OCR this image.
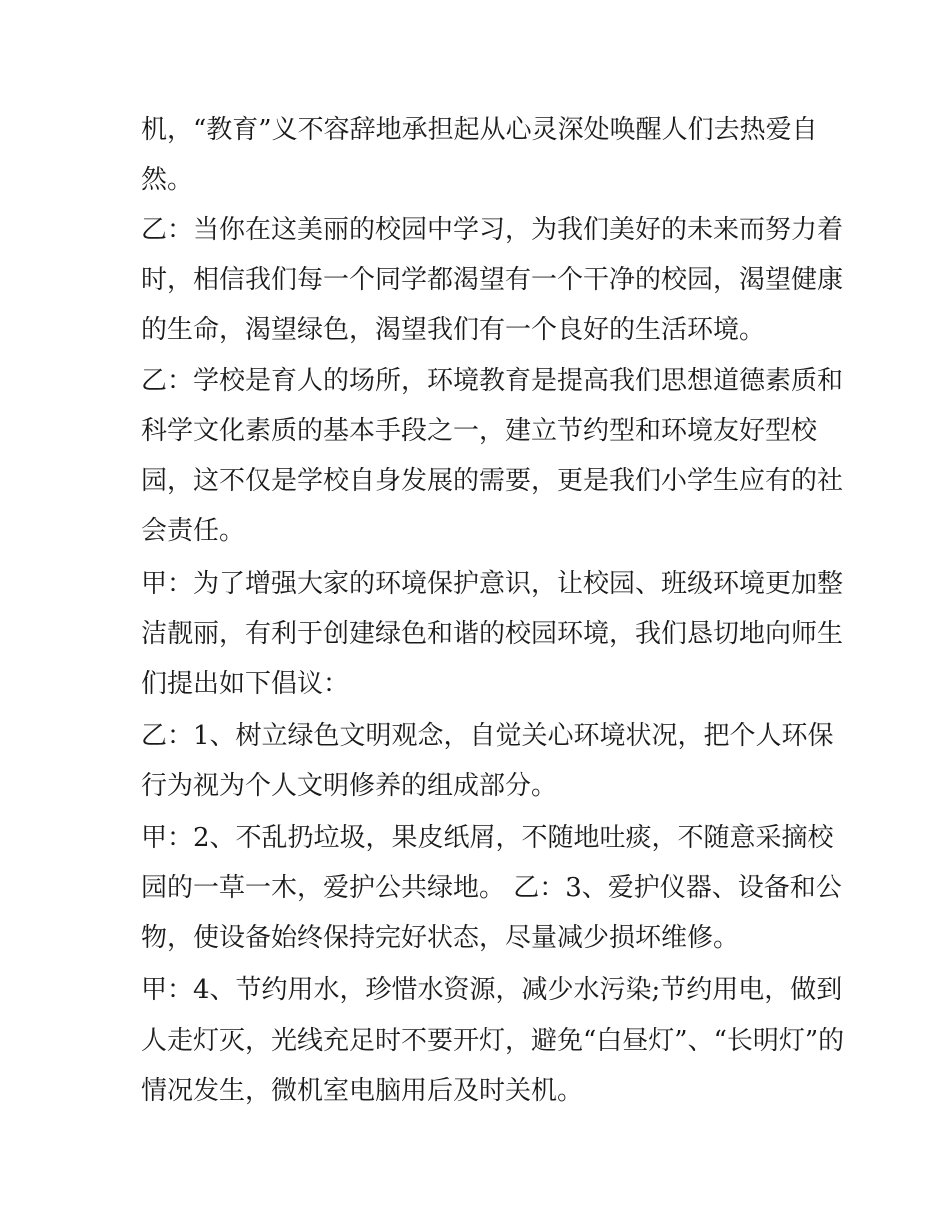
机，“教育”义不容辞地承担起从心灵深处唤醒人们去热爱自
然。
乙：当你在这美丽的校园中学习，为我们美好的未来而努力着
时，相信我们每一个同学都渴望有一个干净的校园，渴望健康
的生命，渴望绿色，渴望我们有一个良好的生活环境。
乙：学校是育人的场所，环境教育是提高我们思想道德素质和
科学文化素质的基本手段之一，建立节约型和环境友好型校
园，这不仅是学校自身发展的需要，更是我们小学生应有的社
会责任。
甲：为了增强大家的环境保护意识，让校园、班级环境更加整
洁靓丽，有利于创建绿色和谐的校园环境，我们恳切地向师生
们提出如下倡议：
乙：1、树立绿色文明观念，自觉关心环境状况，把个人环保
行为视为个人文明修养的组成部分。
甲：2、不乱扔垃圾，果皮纸屑，不随地吐痰，不随意采摘校
园的一草一木，爱护公共绿地。 乙：3、爱护仪器、设备和公
物，使设备始终保持完好状态，尽量减少损坏维修。
甲：4、节约用水，珍惜水资源，减少水污染;节约用电，做到
人走灯灭，光线充足时不要开灯，避免“白昼灯”、“长明灯”的
情况发生，微机室电脑用后及时关机。
